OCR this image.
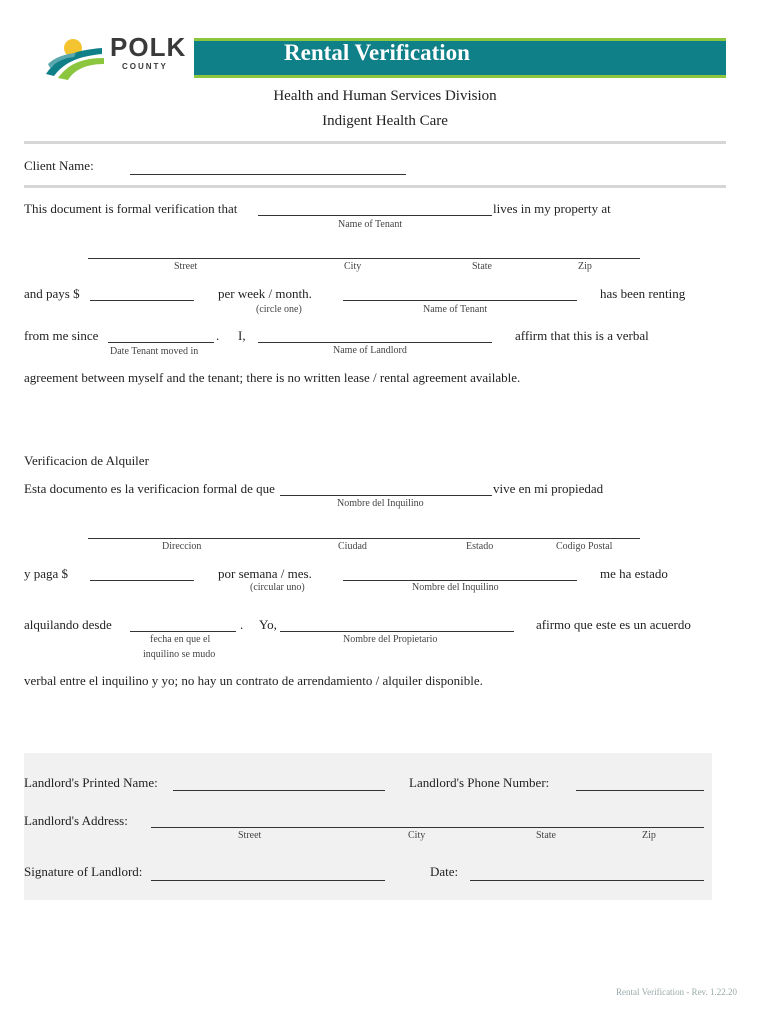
POLK
COUNTY
Rental Verification
Health and Human Services Division
Indigent Health Care
Client Name:
This document is formal verification that	lives in my property at
Name of Tenant
Street	City	State	Zip
and pays $	per week / month.
(circle one)
has been renting
Name of Tenant
from me since	. I,	affirm that this is a verbal
Date Tenant moved in	Name of Landlord
agreement between myself and the tenant; there is no written lease / rental agreement available.
Verificacion de Alquiler
Esta documento es la verificacion formal de que	vive en mi propiedad
Nombre del Inquilino
Direccion	Ciudad	Estado	Codigo Postal
y paga $	por semana / mes.
(circular uno)
me ha estado
Nombre del Inquilino
alquilando desde	. Yo,	afirmo que este es un acuerdo
fecha en que el
inquilino se mudo
Nombre del Propietario
verbal entre el inquilino y yo; no hay un contrato de arrendamiento / alquiler disponible.
Landlord's Printed Name:	Landlord's Phone Number:
Landlord's Address:
Street	City	State	Zip
Signature of Landlord:	Date:
Rental Verification - Rev. 1.22.20
